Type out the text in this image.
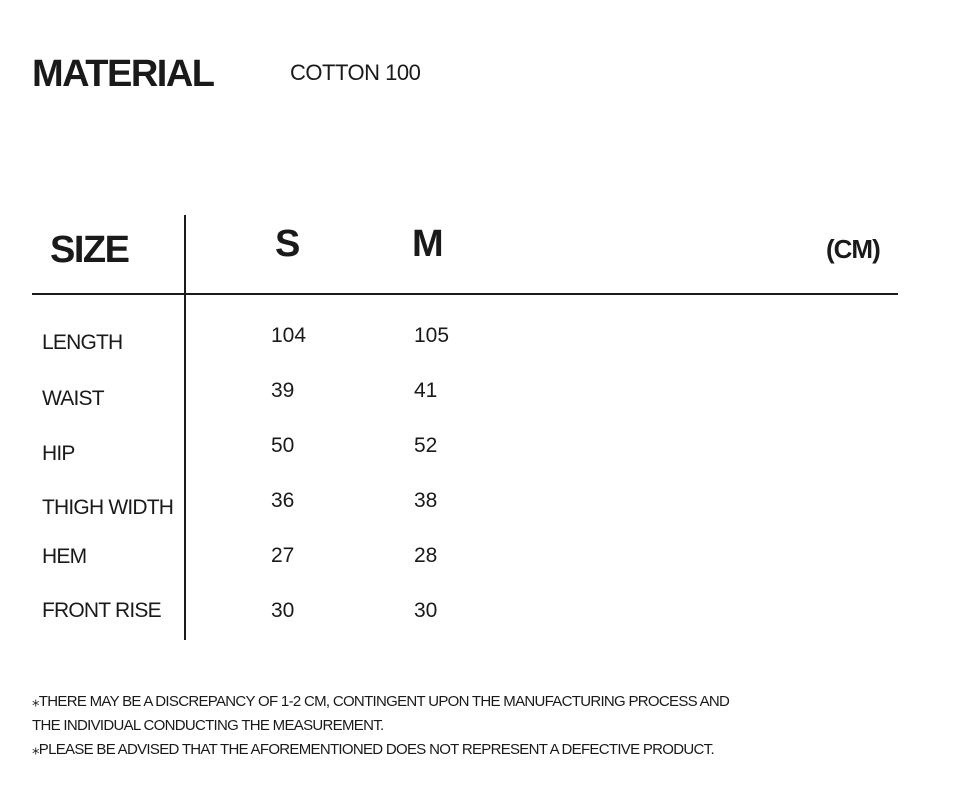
MATERIAL	COTTON 100
SIZE	S	M	(CM)
LENGTH	104	105
WAIST	39	41
HIP	50	52
THIGH WIDTH	36	38
HEM	27	28
FRONT RISE	30	30
⁎THERE MAY BE A DISCREPANCY OF 1-2 CM, CONTINGENT UPON THE MANUFACTURING PROCESS AND
THE INDIVIDUAL CONDUCTING THE MEASUREMENT.
⁎PLEASE BE ADVISED THAT THE AFOREMENTIONED DOES NOT REPRESENT A DEFECTIVE PRODUCT.
